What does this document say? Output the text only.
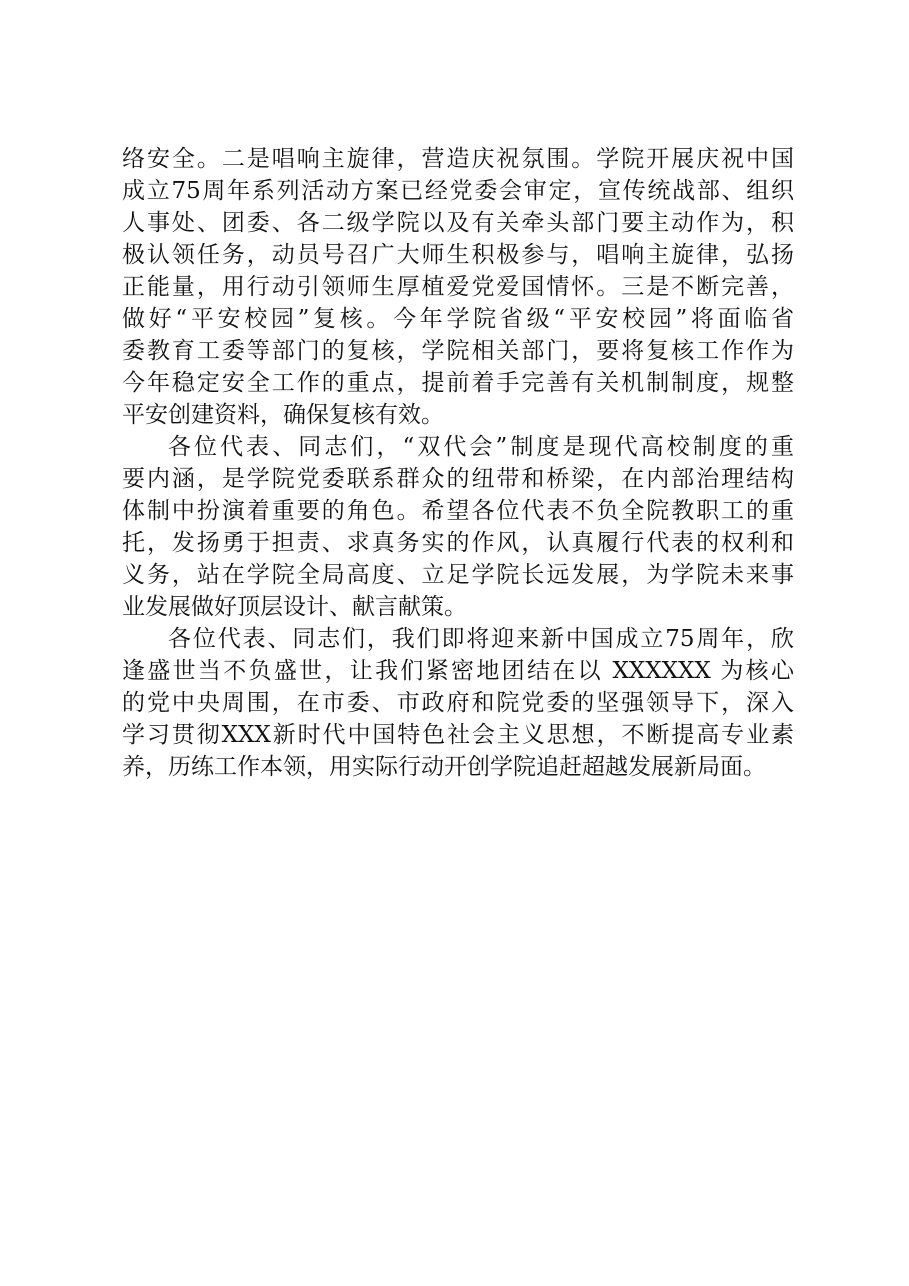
络安全。二是唱响主旋律，营造庆祝氛围。学院开展庆祝中国
成立75周年系列活动方案已经党委会审定，宣传统战部、组织
人事处、团委、各二级学院以及有关牵头部门要主动作为，积
极认领任务，动员号召广大师生积极参与，唱响主旋律，弘扬
正能量，用行动引领师生厚植爱党爱国情怀。三是不断完善，
做好“平安校园”复核。今年学院省级“平安校园”将面临省
委教育工委等部门的复核，学院相关部门，要将复核工作作为
今年稳定安全工作的重点，提前着手完善有关机制制度，规整
平安创建资料，确保复核有效。
各位代表、同志们，“双代会”制度是现代高校制度的重
要内涵，是学院党委联系群众的纽带和桥梁，在内部治理结构
体制中扮演着重要的角色。希望各位代表不负全院教职工的重
托，发扬勇于担责、求真务实的作风，认真履行代表的权利和
义务，站在学院全局高度、立足学院长远发展，为学院未来事
业发展做好顶层设计、献言献策。
各位代表、同志们，我们即将迎来新中国成立75周年，欣
逢盛世当不负盛世，让我们紧密地团结在以 XXXXXX 为核心
的党中央周围，在市委、市政府和院党委的坚强领导下，深入
学习贯彻XXX新时代中国特色社会主义思想，不断提高专业素
养，历练工作本领，用实际行动开创学院追赶超越发展新局面。
